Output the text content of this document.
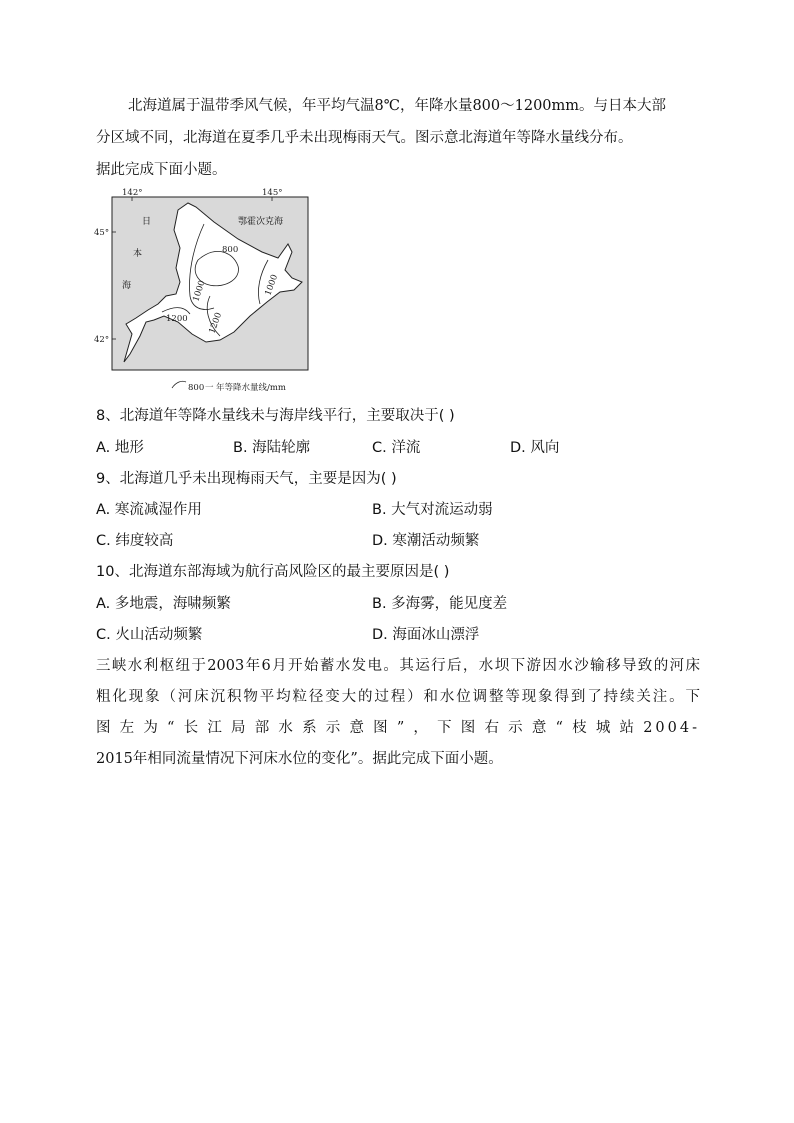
北海道属于温带季风气候，年平均气温8℃，年降水量800～1200mm。与日本大部

分区域不同，北海道在夏季几乎未出现梅雨天气。图示意北海道年等降水量线分布。

据此完成下面小题。

142°	145°
45°
42°
800
1000	1000
1200 1200
日
本
海
鄂霍次克海
800 一 年等降水量线/mm

8、北海道年等降水量线未与海岸线平行，主要取决于( )

A. 地形	B. 海陆轮廓	C. 洋流	D. 风向

9、北海道几乎未出现梅雨天气，主要是因为( )

A. 寒流减湿作用	B. 大气对流运动弱

C. 纬度较高	D. 寒潮活动频繁

10、北海道东部海域为航行高风险区的最主要原因是( )

A. 多地震，海啸频繁	B. 多海雾，能见度差

C. 火山活动频繁	D. 海面冰山漂浮

三峡水利枢纽于2003年6月开始蓄水发电。其运行后，水坝下游因水沙输移导致的河床

粗化现象（河床沉积物平均粒径变大的过程）和水位调整等现象得到了持续关注。下

图左为“长江局部水系示意图”，下图右示意“枝城站2004-

2015年相同流量情况下河床水位的变化”。据此完成下面小题。
